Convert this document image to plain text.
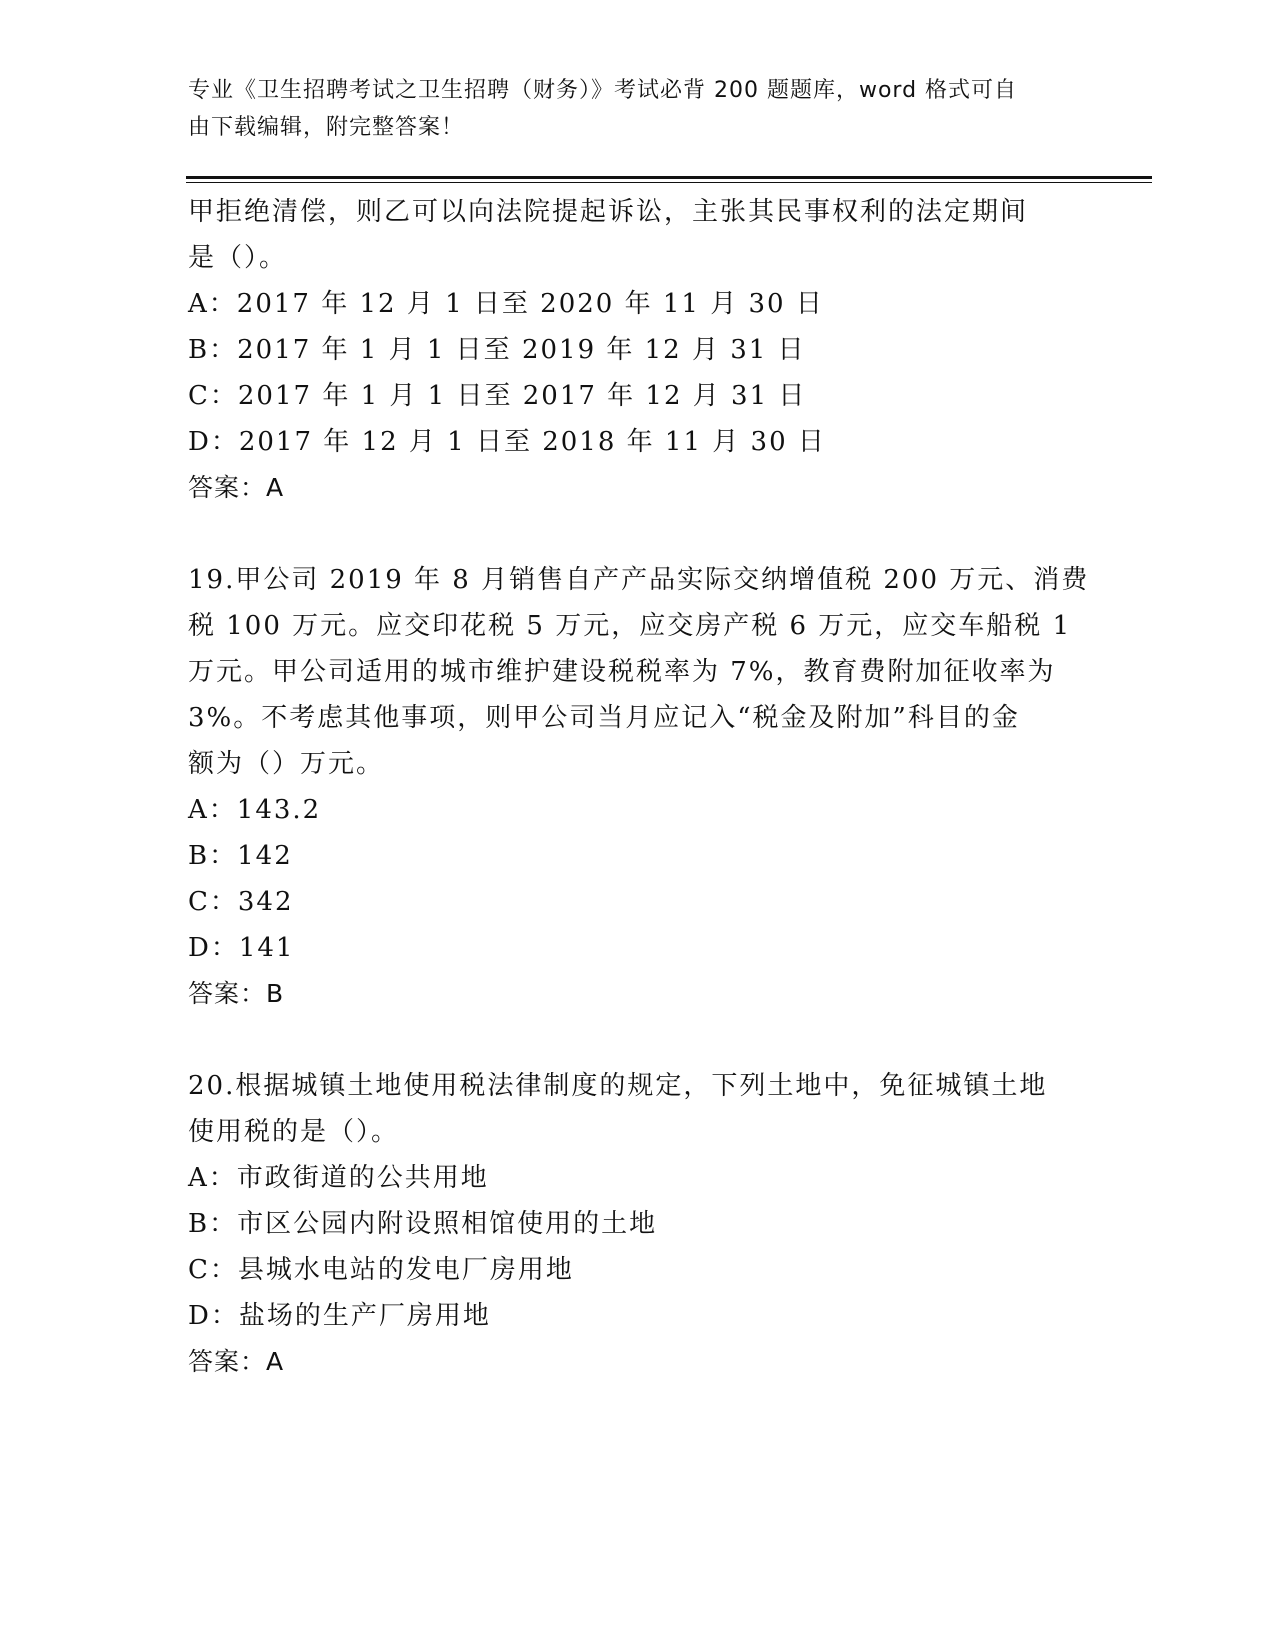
专业《卫生招聘考试之卫生招聘（财务）》考试必背 200 题题库，word 格式可自
由下载编辑，附完整答案！
甲拒绝清偿，则乙可以向法院提起诉讼，主张其民事权利的法定期间
是（）。
A：2017 年 12 月 1 日至 2020 年 11 月 30 日
B：2017 年 1 月 1 日至 2019 年 12 月 31 日
C：2017 年 1 月 1 日至 2017 年 12 月 31 日
D：2017 年 12 月 1 日至 2018 年 11 月 30 日
答案：A
19.甲公司 2019 年 8 月销售自产产品实际交纳增值税 200 万元、消费
税 100 万元。应交印花税 5 万元，应交房产税 6 万元，应交车船税 1
万元。甲公司适用的城市维护建设税税率为 7%，教育费附加征收率为
3%。不考虑其他事项，则甲公司当月应记入“税金及附加”科目的金
额为（）万元。
A：143.2
B：142
C：342
D：141
答案：B
20.根据城镇土地使用税法律制度的规定，下列土地中，免征城镇土地
使用税的是（）。
A：市政街道的公共用地
B：市区公园内附设照相馆使用的土地
C：县城水电站的发电厂房用地
D：盐场的生产厂房用地
答案：A
